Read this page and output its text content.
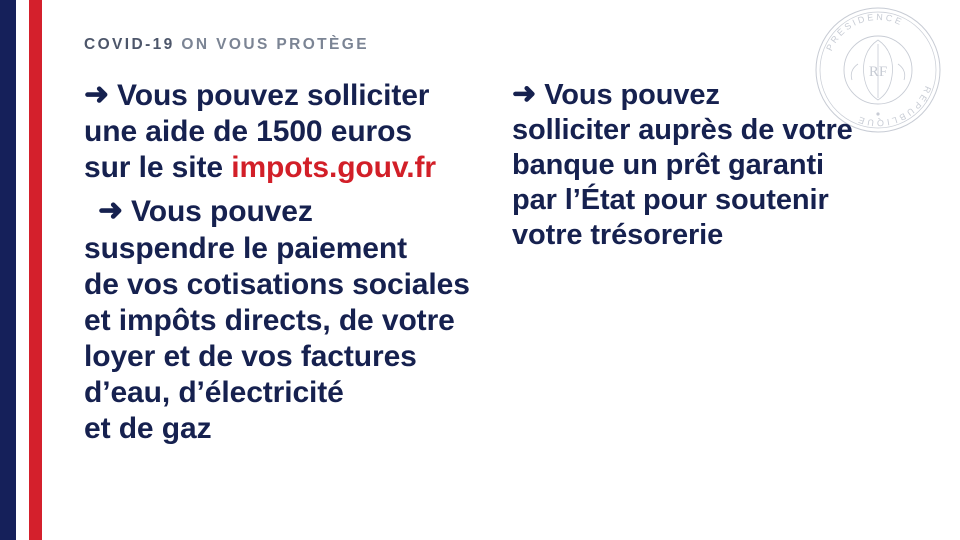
COVID-19 ON VOUS PROTÈGE	PRÉSIDENCE
RÉPUBLIQUE
RF
➜ Vous pouvez solliciter
une aide de 1500 euros
sur le site impots.gouv.fr
➜ Vous pouvez
suspendre le paiement
de vos cotisations sociales
et impôts directs, de votre
loyer et de vos factures
d’eau, d’électricité
et de gaz
➜ Vous pouvez
solliciter auprès de votre
banque un prêt garanti
par l’État pour soutenir
votre trésorerie
